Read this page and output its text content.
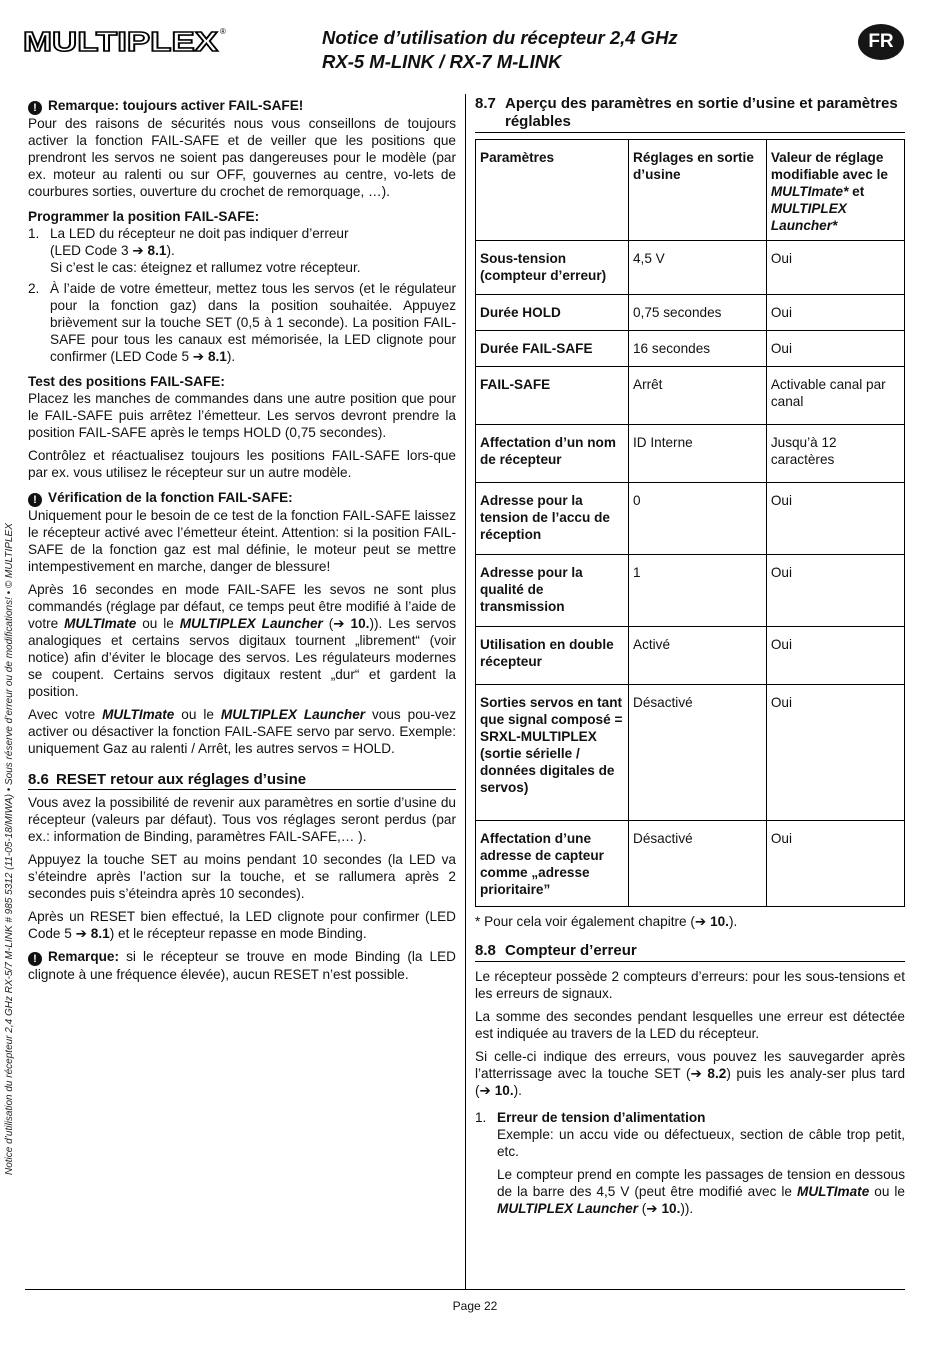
MULTIPLEX ®	Notice d’utilisation du récepteur 2,4 GHz
RX-5 M-LINK / RX-7 M-LINK
FR
Notice d’utilisation du récepteur 2,4 GHz RX-5/7 M-LINK # 985 5312 (11-05-18/MIWA) • Sous réserve d’erreur ou de modifications! • © MULTIPLEX
Page 22

! Remarque: toujours activer FAIL-SAFE!

Pour des raisons de sécurités nous vous conseillons de toujours activer la fonction FAIL-SAFE et de veiller que les positions que prendront les servos ne soient pas dangereuses pour le modèle (par ex. moteur au ralenti ou sur OFF, gouvernes au centre, vo-lets de courbures sorties, ouverture du crochet de remorquage, …).

Programmer la position FAIL-SAFE:

1. La LED du récepteur ne doit pas indiquer d’erreur
(LED Code 3 ➔ 8.1).
Si c’est le cas: éteignez et rallumez votre récepteur.
2. À l’aide de votre émetteur, mettez tous les servos (et le régulateur pour la fonction gaz) dans la position souhaitée. Appuyez brièvement sur la touche SET (0,5 à 1 seconde). La position FAIL-SAFE pour tous les canaux est mémorisée, la LED clignote pour confirmer (LED Code 5 ➔ 8.1).

Test des positions FAIL-SAFE:

Placez les manches de commandes dans une autre position que pour le FAIL-SAFE puis arrêtez l’émetteur. Les servos devront prendre la position FAIL-SAFE après le temps HOLD (0,75 secondes).

Contrôlez et réactualisez toujours les positions FAIL-SAFE lors-que par ex. vous utilisez le récepteur sur un autre modèle.

! Vérification de la fonction FAIL-SAFE:

Uniquement pour le besoin de ce test de la fonction FAIL-SAFE laissez le récepteur activé avec l’émetteur éteint. Attention: si la position FAIL-SAFE de la fonction gaz est mal définie, le moteur peut se mettre intempestivement en marche, danger de blessure!

Après 16 secondes en mode FAIL-SAFE les sevos ne sont plus commandés (réglage par défaut, ce temps peut être modifié à l’aide de votre MULTImate ou le MULTIPLEX Launcher (➔ 10.)). Les servos analogiques et certains servos digitaux tournent „librement“ (voir notice) afin d’éviter le blocage des servos. Les régulateurs modernes se coupent. Certains servos digitaux restent „dur“ et gardent la position.

Avec votre MULTImate ou le MULTIPLEX Launcher vous pou-vez activer ou désactiver la fonction FAIL-SAFE servo par servo. Exemple: uniquement Gaz au ralenti / Arrêt, les autres servos = HOLD.

8.6 RESET retour aux réglages d’usine

Vous avez la possibilité de revenir aux paramètres en sortie d’usine du récepteur (valeurs par défaut). Tous vos réglages seront perdus (par ex.: information de Binding, paramètres FAIL-SAFE,… ).

Appuyez la touche SET au moins pendant 10 secondes (la LED va s’éteindre après l’action sur la touche, et se rallumera après 2 secondes puis s’éteindra après 10 secondes).

Après un RESET bien effectué, la LED clignote pour confirmer (LED Code 5 ➔ 8.1) et le récepteur repasse en mode Binding.

! Remarque: si le récepteur se trouve en mode Binding (la LED clignote à une fréquence élevée), aucun RESET n’est possible.

8.7 Aperçu des paramètres en sortie d’usine et paramètres réglables
Paramètres	Réglages en sortie d’usine	Valeur de réglage modifiable avec le MULTImate* et MULTIPLEX Launcher*
Sous-tension (compteur d’erreur)	4,5 V	Oui
Durée HOLD	0,75 secondes	Oui
Durée FAIL-SAFE	16 secondes	Oui
FAIL-SAFE	Arrêt	Activable canal par canal
Affectation d’un nom de récepteur	ID Interne	Jusqu’à 12 caractères
Adresse pour la tension de l’accu de réception	0	Oui
Adresse pour la qualité de transmission	1	Oui
Utilisation en double récepteur	Activé	Oui
Sorties servos en tant que signal composé = SRXL-MULTIPLEX (sortie sérielle / données digitales de servos)	Désactivé	Oui
Affectation d’une adresse de capteur comme „adresse prioritaire”	Désactivé	Oui

* Pour cela voir également chapitre (➔ 10.).

8.8 Compteur d’erreur

Le récepteur possède 2 compteurs d’erreurs: pour les sous-tensions et les erreurs de signaux.

La somme des secondes pendant lesquelles une erreur est détectée est indiquée au travers de la LED du récepteur.

Si celle-ci indique des erreurs, vous pouvez les sauvegarder après l’atterrissage avec la touche SET (➔ 8.2) puis les analy-ser plus tard (➔ 10.).

1. Erreur de tension d’alimentation
Exemple: un accu vide ou défectueux, section de câble trop petit, etc.
Le compteur prend en compte les passages de tension en dessous de la barre des 4,5 V (peut être modifié avec le MULTImate ou le MULTIPLEX Launcher (➔ 10.)).
